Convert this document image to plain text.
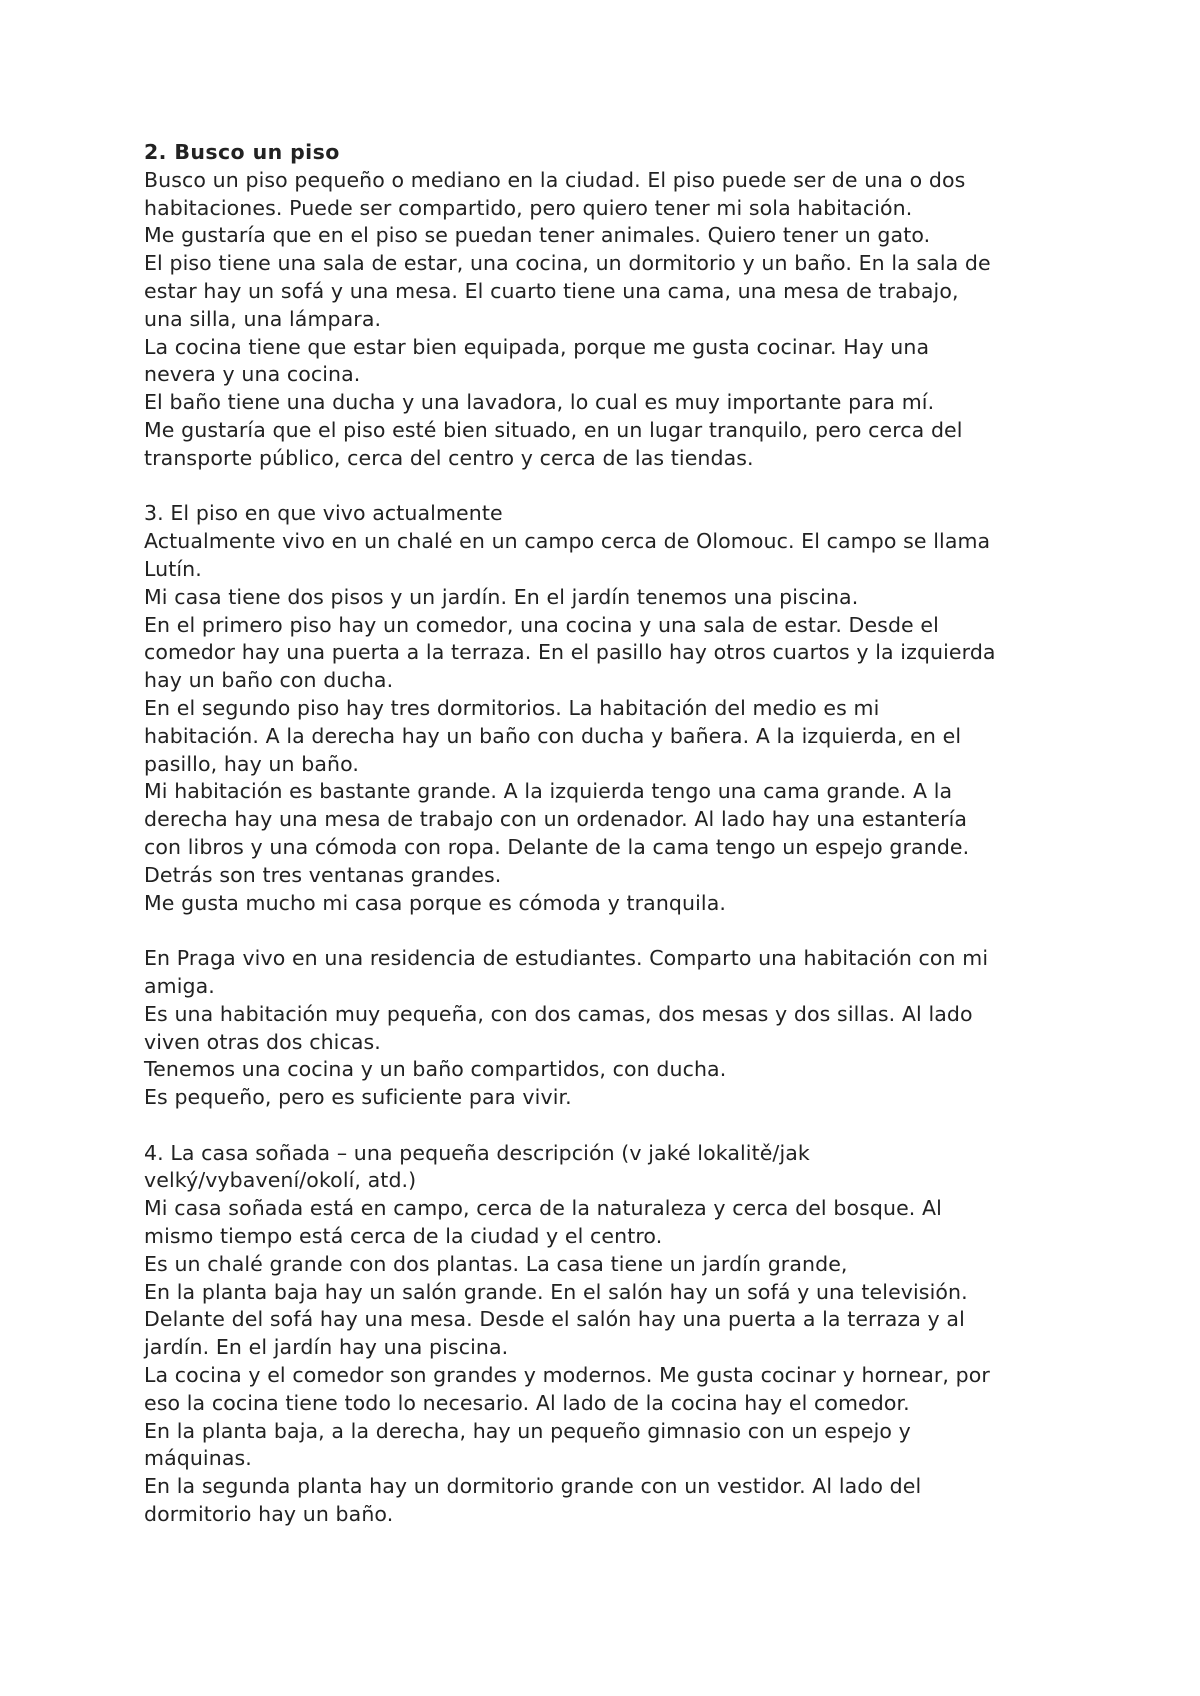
2. Busco un piso

Busco un piso pequeño o mediano en la ciudad. El piso puede ser de una o dos

habitaciones. Puede ser compartido, pero quiero tener mi sola habitación.

Me gustaría que en el piso se puedan tener animales. Quiero tener un gato.

El piso tiene una sala de estar, una cocina, un dormitorio y un baño. En la sala de

estar hay un sofá y una mesa. El cuarto tiene una cama, una mesa de trabajo,

una silla, una lámpara.

La cocina tiene que estar bien equipada, porque me gusta cocinar. Hay una

nevera y una cocina.

El baño tiene una ducha y una lavadora, lo cual es muy importante para mí.

Me gustaría que el piso esté bien situado, en un lugar tranquilo, pero cerca del

transporte público, cerca del centro y cerca de las tiendas.

3. El piso en que vivo actualmente

Actualmente vivo en un chalé en un campo cerca de Olomouc. El campo se llama

Lutín.

Mi casa tiene dos pisos y un jardín. En el jardín tenemos una piscina.

En el primero piso hay un comedor, una cocina y una sala de estar. Desde el

comedor hay una puerta a la terraza. En el pasillo hay otros cuartos y la izquierda

hay un baño con ducha.

En el segundo piso hay tres dormitorios. La habitación del medio es mi

habitación. A la derecha hay un baño con ducha y bañera. A la izquierda, en el

pasillo, hay un baño.

Mi habitación es bastante grande. A la izquierda tengo una cama grande. A la

derecha hay una mesa de trabajo con un ordenador. Al lado hay una estantería

con libros y una cómoda con ropa. Delante de la cama tengo un espejo grande.

Detrás son tres ventanas grandes.

Me gusta mucho mi casa porque es cómoda y tranquila.

En Praga vivo en una residencia de estudiantes. Comparto una habitación con mi

amiga.

Es una habitación muy pequeña, con dos camas, dos mesas y dos sillas. Al lado

viven otras dos chicas.

Tenemos una cocina y un baño compartidos, con ducha.

Es pequeño, pero es suficiente para vivir.

4. La casa soñada – una pequeña descripción (v jaké lokalitě/jak

velký/vybavení/okolí, atd.)

Mi casa soñada está en campo, cerca de la naturaleza y cerca del bosque. Al

mismo tiempo está cerca de la ciudad y el centro.

Es un chalé grande con dos plantas. La casa tiene un jardín grande,

En la planta baja hay un salón grande. En el salón hay un sofá y una televisión.

Delante del sofá hay una mesa. Desde el salón hay una puerta a la terraza y al

jardín. En el jardín hay una piscina.

La cocina y el comedor son grandes y modernos. Me gusta cocinar y hornear, por

eso la cocina tiene todo lo necesario. Al lado de la cocina hay el comedor.

En la planta baja, a la derecha, hay un pequeño gimnasio con un espejo y

máquinas.

En la segunda planta hay un dormitorio grande con un vestidor. Al lado del

dormitorio hay un baño.
